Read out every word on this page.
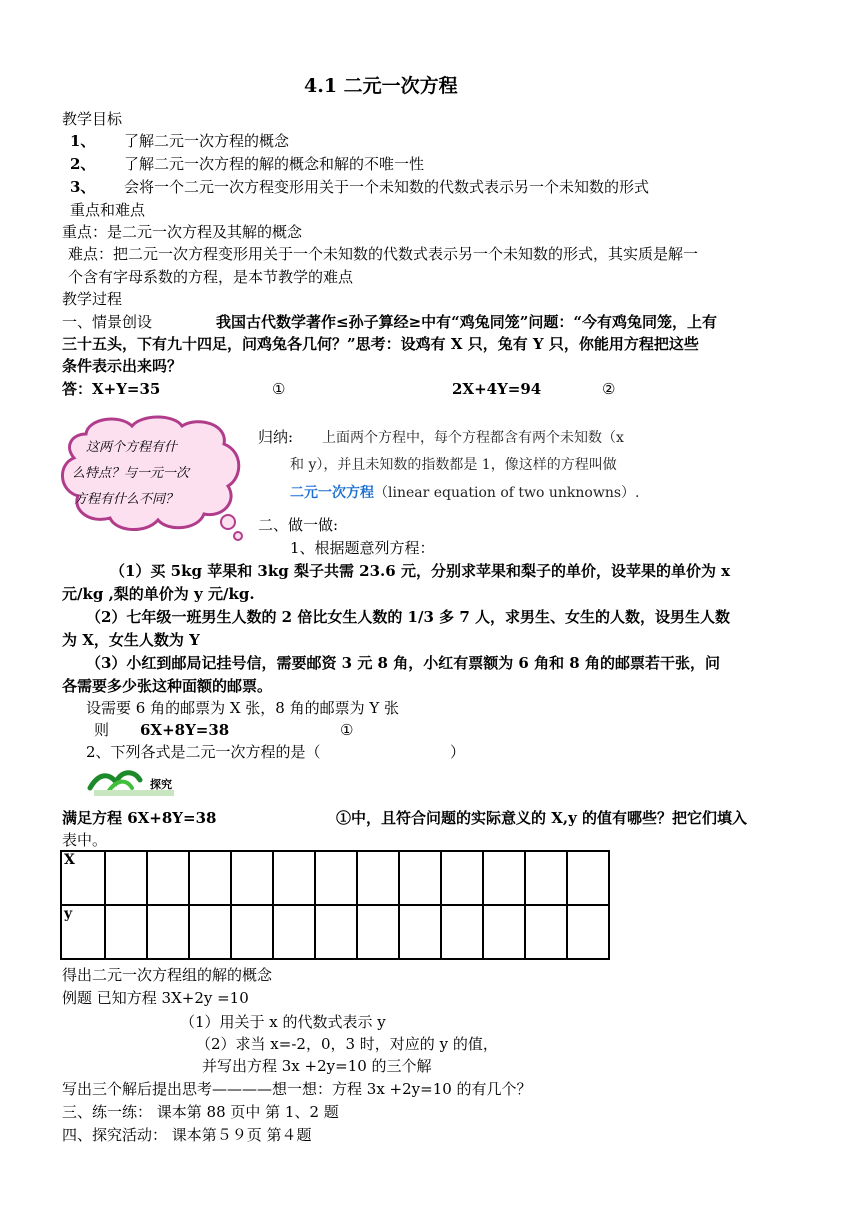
4.1 二元一次方程
教学目标
1、 了解二元一次方程的概念
2、 了解二元一次方程的解的概念和解的不唯一性
3、 会将一个二元一次方程变形用关于一个未知数的代数式表示另一个未知数的形式
重点和难点
重点：是二元一次方程及其解的概念
难点：把二元一次方程变形用关于一个未知数的代数式表示另一个未知数的形式，其实质是解一
个含有字母系数的方程，是本节教学的难点
教学过程
一、情景创设	我国古代数学著作≤孙子算经≥中有“鸡兔同笼”问题：“今有鸡兔同笼，上有
三十五头，下有九十四足，问鸡兔各几何？”思考：设鸡有 X 只，兔有 Y 只，你能用方程把这些
条件表示出来吗？
答：X+Y=35	①	2X+4Y=94	②
这两个方程有什
么特点？与一元一次
方程有什么不同？
归纳: 上面两个方程中，每个方程都含有两个未知数（x
和 y），并且未知数的指数都是 1，像这样的方程叫做
二元一次方程（linear equation of two unknowns）.
二、做一做:
1、根据题意列方程：
（1）买 5kg 苹果和 3kg 梨子共需 23.6 元，分别求苹果和梨子的单价，设苹果的单价为 x
元/kg ,梨的单价为 y 元/kg.
（2）七年级一班男生人数的 2 倍比女生人数的 1/3 多 7 人，求男生、女生的人数，设男生人数
为 X，女生人数为 Y
（3）小红到邮局记挂号信，需要邮资 3 元 8 角，小红有票额为 6 角和 8 角的邮票若干张，问
各需要多少张这种面额的邮票。
设需要 6 角的邮票为 X 张，8 角的邮票为 Y 张
则 6X+8Y=38	①
2、下列各式是二元一次方程的是（	）
探究
满足方程 6X+8Y=38	①中，且符合问题的实际意义的 X,y 的值有哪些？把它们填入
表中。
X												
y												
得出二元一次方程组的解的概念
例题 已知方程 3X+2y =10
（1）用关于 x 的代数式表示 y
（2）求当 x=-2，0，3 时，对应的 y 的值，
并写出方程 3x +2y=10 的三个解
写出三个解后提出思考————想一想：方程 3x +2y=10 的有几个？
三、练一练： 课本第 88 页中 第 1、2 题
四、探究活动： 课本第５９页 第４题
